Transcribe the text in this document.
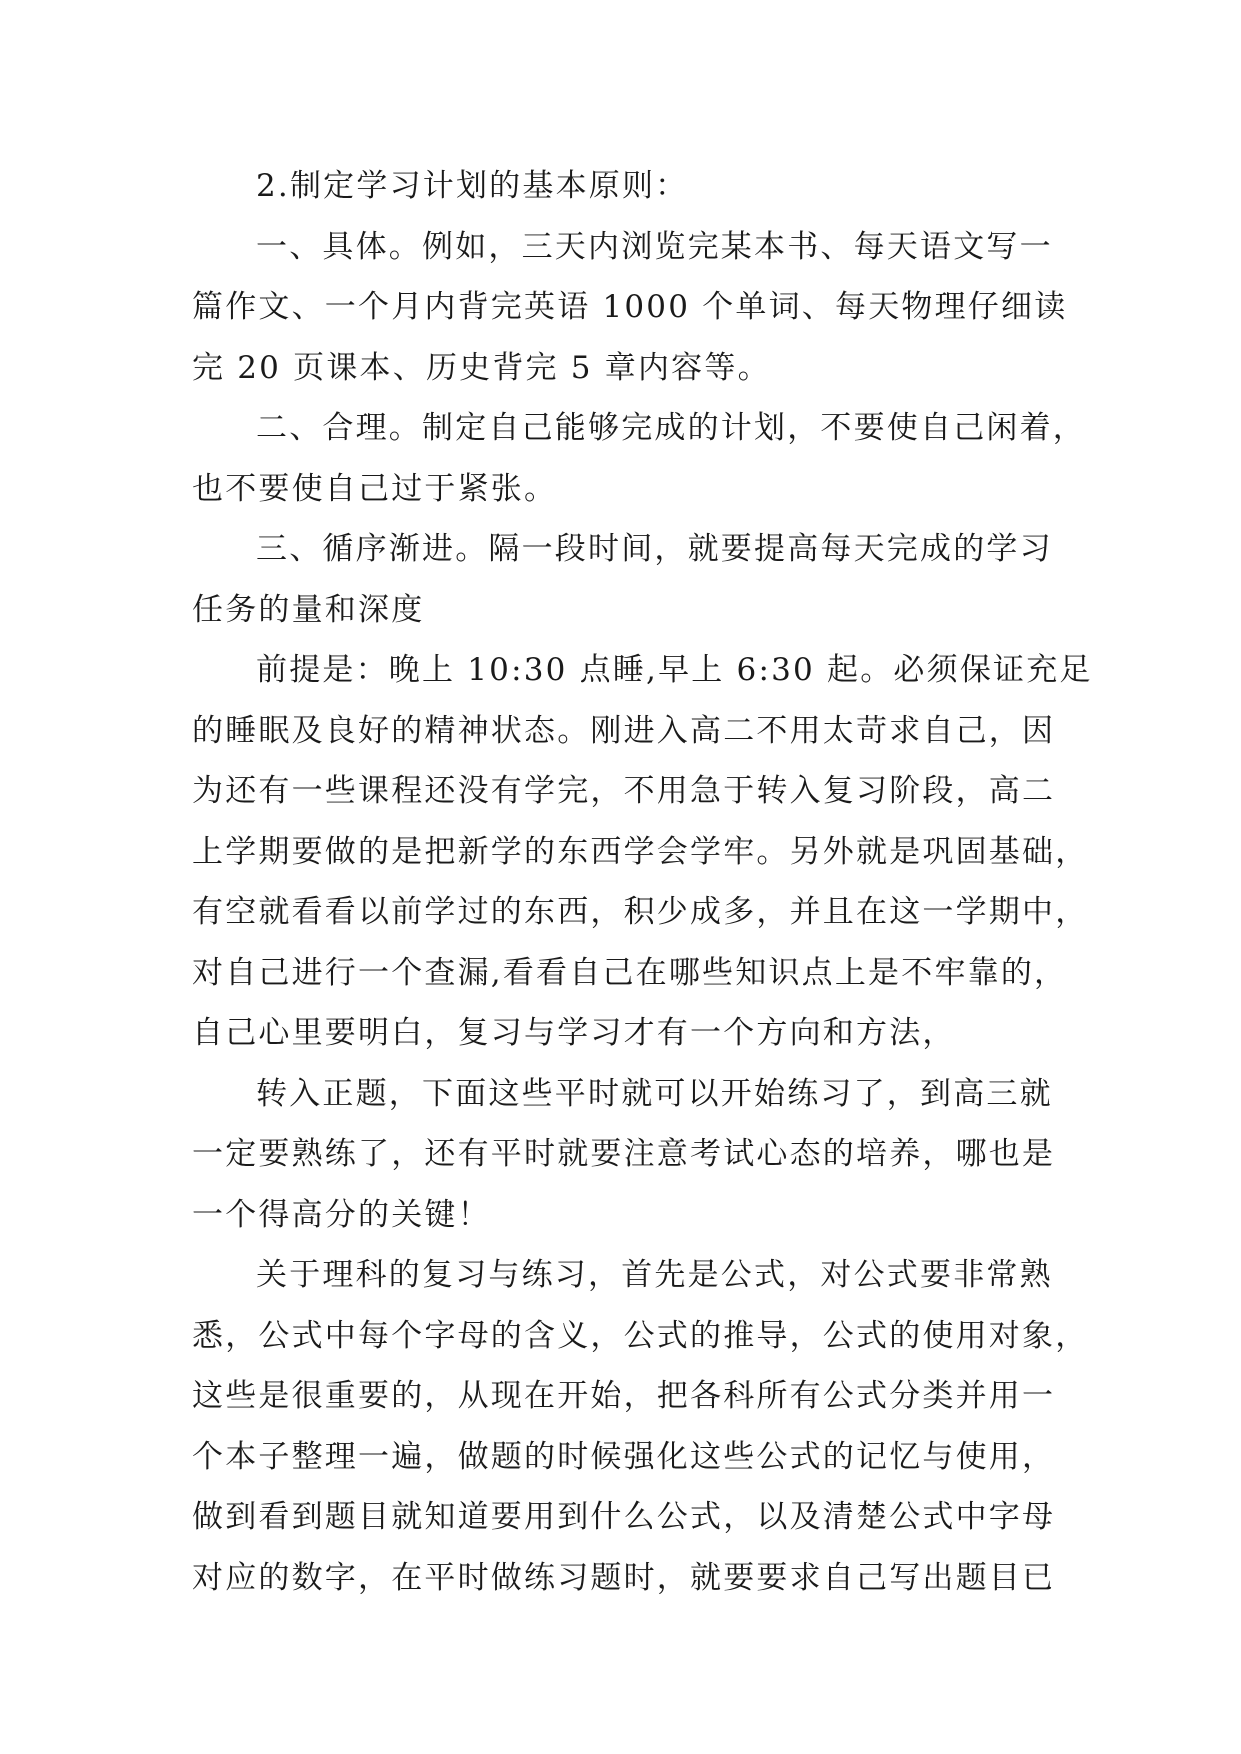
2.制定学习计划的基本原则：
一、具体。例如，三天内浏览完某本书、每天语文写一
篇作文、一个月内背完英语 1000 个单词、每天物理仔细读
完 20 页课本、历史背完 5 章内容等。
二、合理。制定自己能够完成的计划，不要使自己闲着，
也不要使自己过于紧张。
三、循序渐进。隔一段时间，就要提高每天完成的学习
任务的量和深度
前提是：晚上 10:30 点睡,早上 6:30 起。必须保证充足
的睡眠及良好的精神状态。刚进入高二不用太苛求自己，因
为还有一些课程还没有学完，不用急于转入复习阶段，高二
上学期要做的是把新学的东西学会学牢。另外就是巩固基础，
有空就看看以前学过的东西，积少成多，并且在这一学期中，
对自己进行一个查漏,看看自己在哪些知识点上是不牢靠的，
自己心里要明白，复习与学习才有一个方向和方法，
转入正题，下面这些平时就可以开始练习了，到高三就
一定要熟练了，还有平时就要注意考试心态的培养，哪也是
一个得高分的关键！
关于理科的复习与练习，首先是公式，对公式要非常熟
悉，公式中每个字母的含义，公式的推导，公式的使用对象，
这些是很重要的，从现在开始，把各科所有公式分类并用一
个本子整理一遍，做题的时候强化这些公式的记忆与使用，
做到看到题目就知道要用到什么公式，以及清楚公式中字母
对应的数字，在平时做练习题时，就要要求自己写出题目已
